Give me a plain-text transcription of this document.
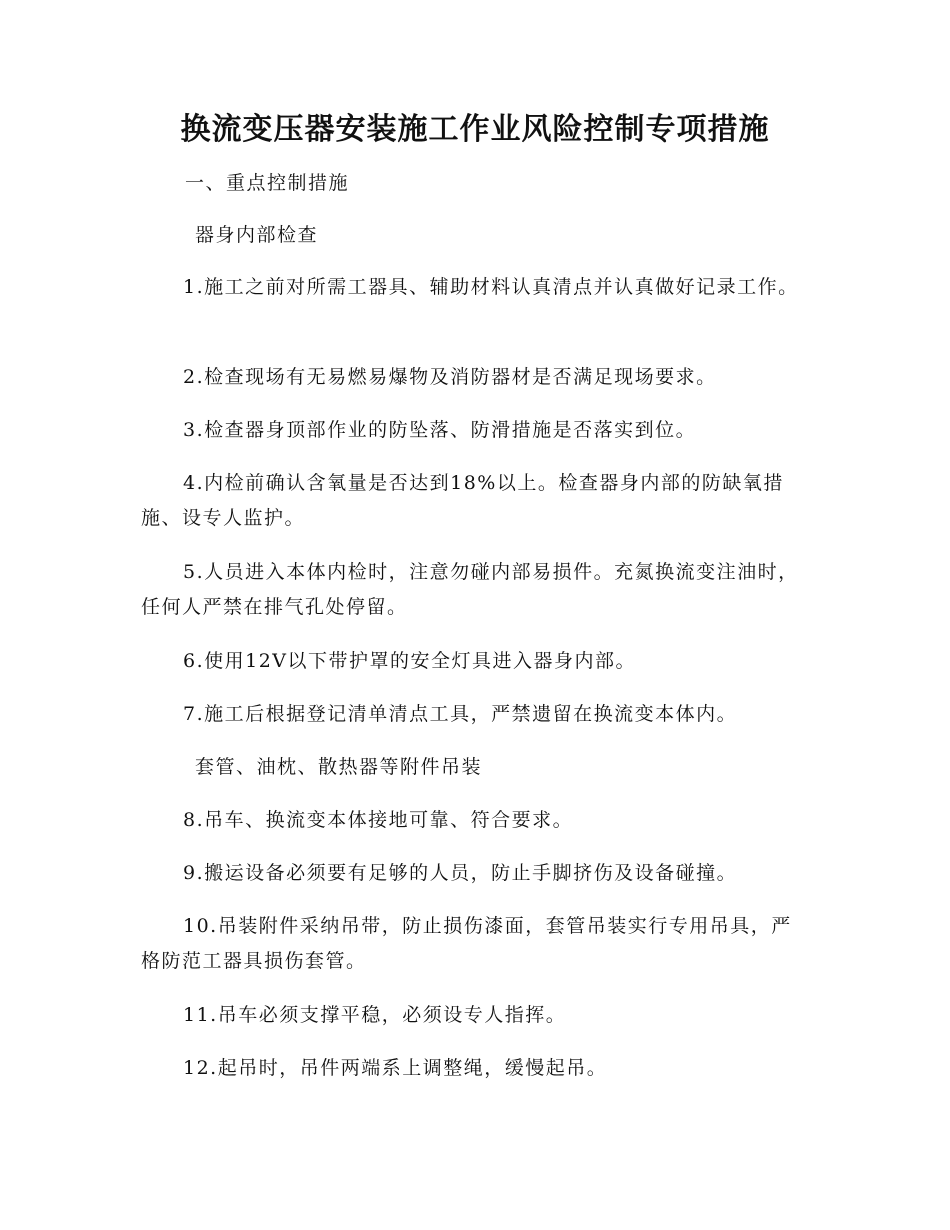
换流变压器安装施工作业风险控制专项措施

一、重点控制措施

器身内部检查

1.施工之前对所需工器具、辅助材料认真清点并认真做好记录工作。

2.检查现场有无易燃易爆物及消防器材是否满足现场要求。

3.检查器身顶部作业的防坠落、防滑措施是否落实到位。

4.内检前确认含氧量是否达到18%以上。检查器身内部的防缺氧措施、设专人监护。

5.人员进入本体内检时，注意勿碰内部易损件。充氮换流变注油时，任何人严禁在排气孔处停留。

6.使用12V以下带护罩的安全灯具进入器身内部。

7.施工后根据登记清单清点工具，严禁遗留在换流变本体内。

套管、油枕、散热器等附件吊装

8.吊车、换流变本体接地可靠、符合要求。

9.搬运设备必须要有足够的人员，防止手脚挤伤及设备碰撞。

10.吊装附件采纳吊带，防止损伤漆面，套管吊装实行专用吊具，严格防范工器具损伤套管。

11.吊车必须支撑平稳，必须设专人指挥。

12.起吊时，吊件两端系上调整绳，缓慢起吊。
